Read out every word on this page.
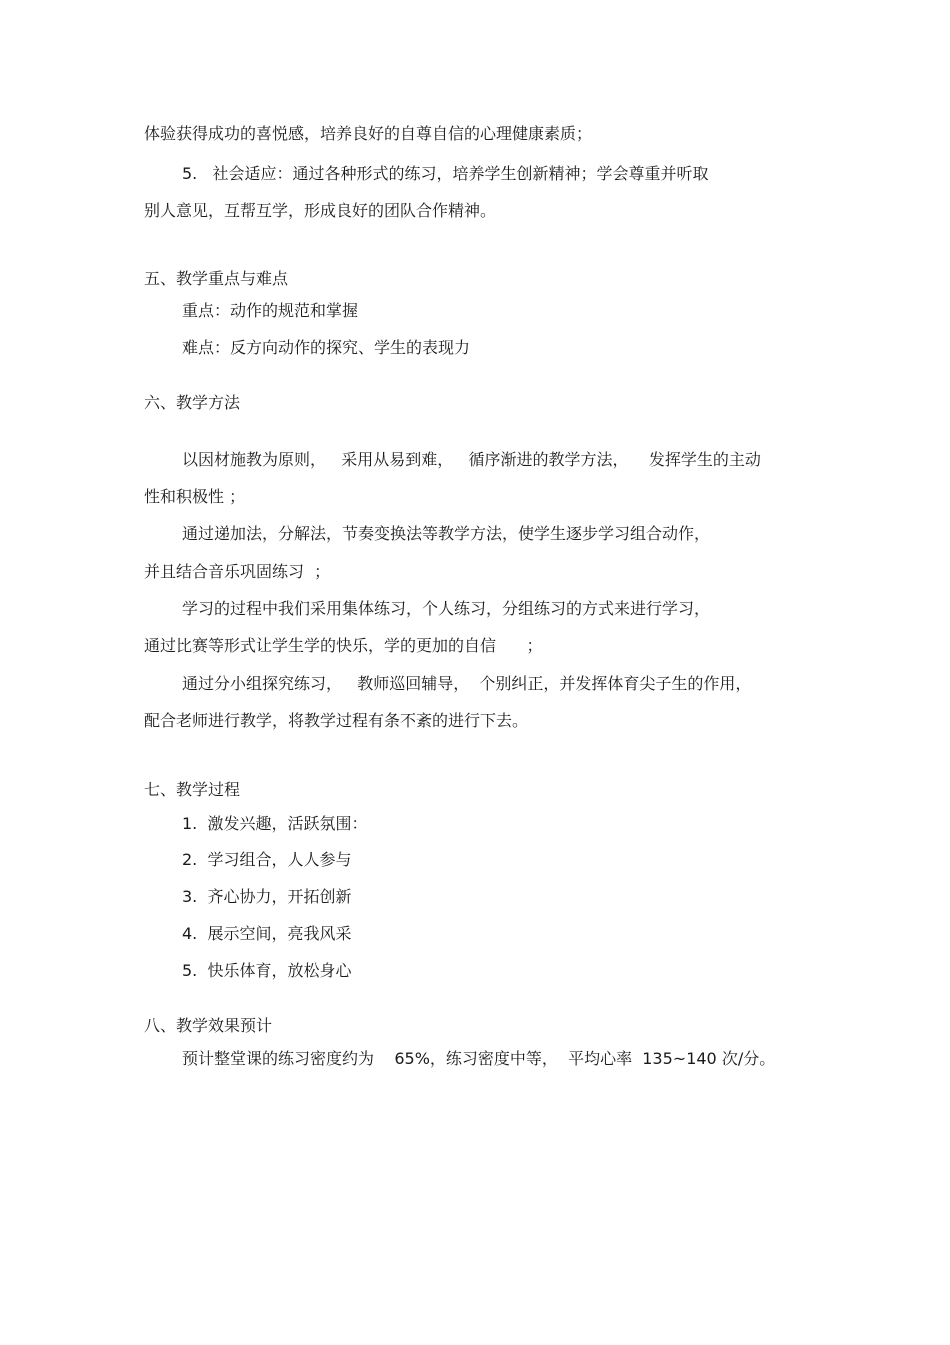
体验获得成功的喜悦感，培养良好的自尊自信的心理健康素质；
5.   社会适应：通过各种形式的练习，培养学生创新精神；学会尊重并听取
别人意见，互帮互学，形成良好的团队合作精神。
五、教学重点与难点
重点：动作的规范和掌握
难点：反方向动作的探究、学生的表现力
六、教学方法
以因材施教为原则，   采用从易到难，   循序渐进的教学方法，    发挥学生的主动
性和积极性 ；
通过递加法，分解法，节奏变换法等教学方法，使学生逐步学习组合动作，
并且结合音乐巩固练习  ；
学习的过程中我们采用集体练习，个人练习，分组练习的方式来进行学习，
通过比赛等形式让学生学的快乐，学的更加的自信      ；
通过分小组探究练习，   教师巡回辅导，  个别纠正，并发挥体育尖子生的作用，
配合老师进行教学，将教学过程有条不紊的进行下去。
七、教学过程
1.  激发兴趣，活跃氛围：
2.  学习组合，人人参与
3.  齐心协力，开拓创新
4.  展示空间，亮我风采
5.  快乐体育，放松身心
八、教学效果预计
预计整堂课的练习密度约为    65%，练习密度中等，  平均心率  135~140 次/分。
